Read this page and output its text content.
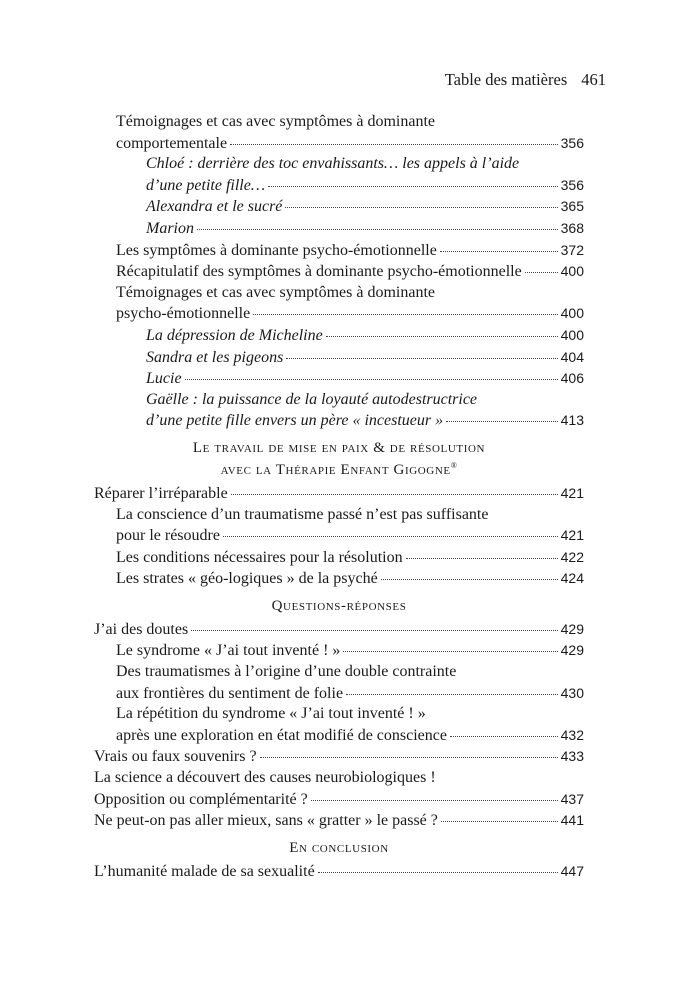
Table des matières 461
Témoignages et cas avec symptômes à dominante
comportementale	356
Chloé : derrière des toc envahissants… les appels à l’aide
d’une petite fille…	356
Alexandra et le sucré	365
Marion	368
Les symptômes à dominante psycho-émotionnelle	372
Récapitulatif des symptômes à dominante psycho-émotionnelle	400
Témoignages et cas avec symptômes à dominante
psycho-émotionnelle	400
La dépression de Micheline	400
Sandra et les pigeons	404
Lucie	406
Gaëlle : la puissance de la loyauté autodestructrice
d’une petite fille envers un père « incestueur »	413
Le travail de mise en paix & de résolution
avec la Thérapie Enfant Gigogne®
Réparer l’irréparable	421
La conscience d’un traumatisme passé n’est pas suffisante
pour le résoudre	421
Les conditions nécessaires pour la résolution	422
Les strates « géo-logiques » de la psyché	424
Questions-réponses
J’ai des doutes	429
Le syndrome « J’ai tout inventé ! »	429
Des traumatismes à l’origine d’une double contrainte
aux frontières du sentiment de folie	430
La répétition du syndrome « J’ai tout inventé ! »
après une exploration en état modifié de conscience	432
Vrais ou faux souvenirs ?	433
La science a découvert des causes neurobiologiques !
Opposition ou complémentarité ?	437
Ne peut-on pas aller mieux, sans « gratter » le passé ?	441
En conclusion
L’humanité malade de sa sexualité	447
